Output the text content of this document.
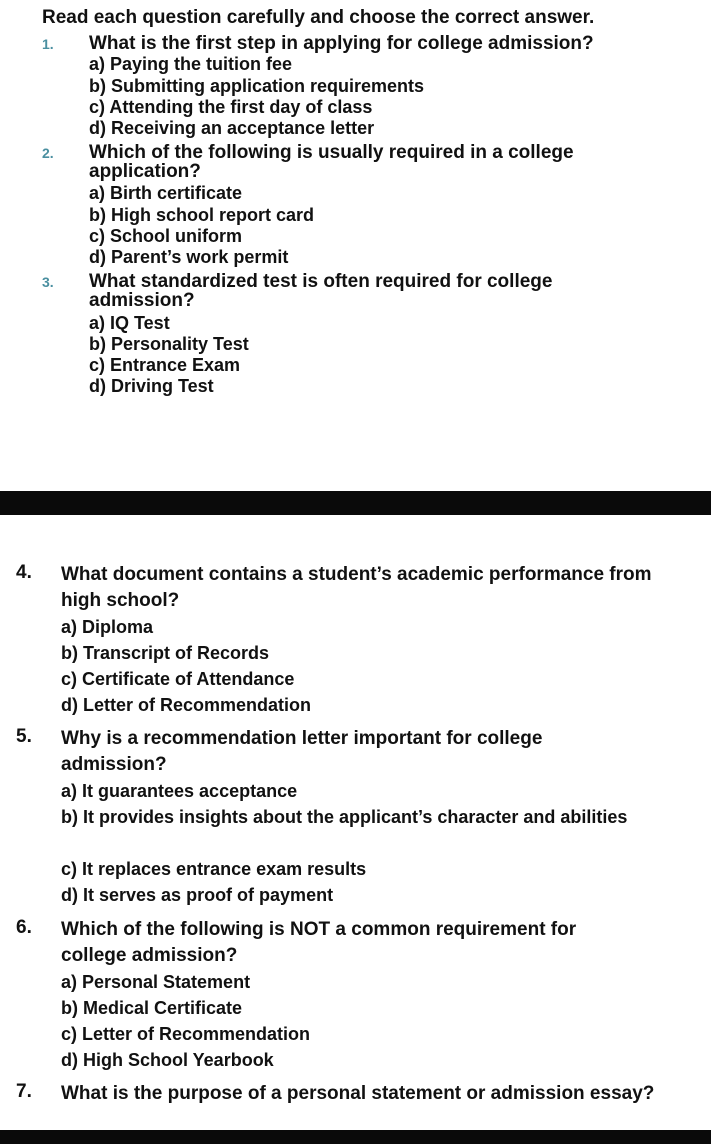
Read each question carefully and choose the correct answer.
1.	What is the first step in applying for college admission?
a) Paying the tuition fee
b) Submitting application requirements
c) Attending the first day of class
d) Receiving an acceptance letter
2.	Which of the following is usually required in a college application?
a) Birth certificate
b) High school report card
c) School uniform
d) Parent’s work permit
3.	What standardized test is often required for college admission?
a) IQ Test
b) Personality Test
c) Entrance Exam
d) Driving Test
4. What document contains a student’s academic performance from high school?
a) Diploma
b) Transcript of Records
c) Certificate of Attendance
d) Letter of Recommendation
5. Why is a recommendation letter important for college admission?
a) It guarantees acceptance
b) It provides insights about the applicant’s character and abilities
c) It replaces entrance exam results
d) It serves as proof of payment
6. Which of the following is NOT a common requirement for college admission?
a) Personal Statement
b) Medical Certificate
c) Letter of Recommendation
d) High School Yearbook
7. What is the purpose of a personal statement or admission essay?
